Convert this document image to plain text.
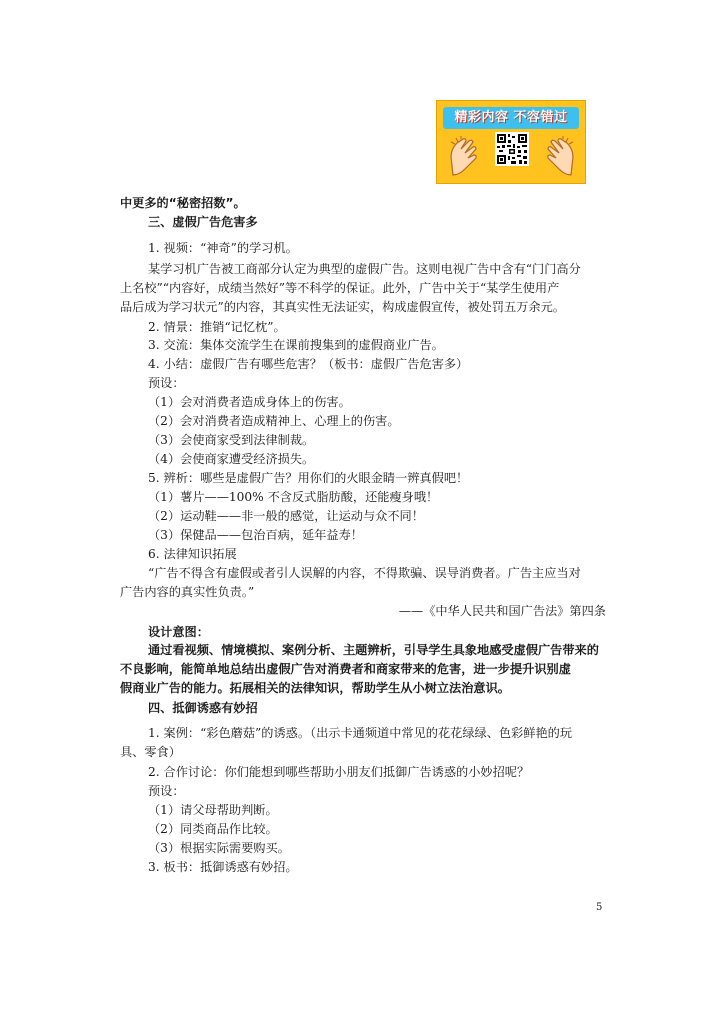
精彩内容 不容错过
中更多的“秘密招数”。
三、虚假广告危害多
1. 视频：“神奇”的学习机。
某学习机广告被工商部分认定为典型的虚假广告。这则电视广告中含有“门门高分
上名校”“内容好，成绩当然好”等不科学的保证。此外，广告中关于“某学生使用产
品后成为学习状元”的内容，其真实性无法证实，构成虚假宣传，被处罚五万余元。
2. 情景：推销“记忆枕”。
3. 交流：集体交流学生在课前搜集到的虚假商业广告。
4. 小结：虚假广告有哪些危害？（板书：虚假广告危害多）
预设：
（1）会对消费者造成身体上的伤害。
（2）会对消费者造成精神上、心理上的伤害。
（3）会使商家受到法律制裁。
（4）会使商家遭受经济损失。
5. 辨析：哪些是虚假广告？用你们的火眼金睛一辨真假吧！
（1）薯片——100% 不含反式脂肪酸，还能瘦身哦！
（2）运动鞋——非一般的感觉，让运动与众不同！
（3）保健品——包治百病，延年益寿！
6. 法律知识拓展
“广告不得含有虚假或者引人误解的内容，不得欺骗、误导消费者。广告主应当对
广告内容的真实性负责。”
——《中华人民共和国广告法》第四条
设计意图：
通过看视频、情境模拟、案例分析、主题辨析，引导学生具象地感受虚假广告带来的
不良影响，能简单地总结出虚假广告对消费者和商家带来的危害，进一步提升识别虚
假商业广告的能力。拓展相关的法律知识，帮助学生从小树立法治意识。
四、抵御诱惑有妙招
1. 案例：“彩色蘑菇”的诱惑。（出示卡通频道中常见的花花绿绿、色彩鲜艳的玩
具、零食）
2. 合作讨论：你们能想到哪些帮助小朋友们抵御广告诱惑的小妙招呢？
预设：
（1）请父母帮助判断。
（2）同类商品作比较。
（3）根据实际需要购买。
3. 板书：抵御诱惑有妙招。
5
